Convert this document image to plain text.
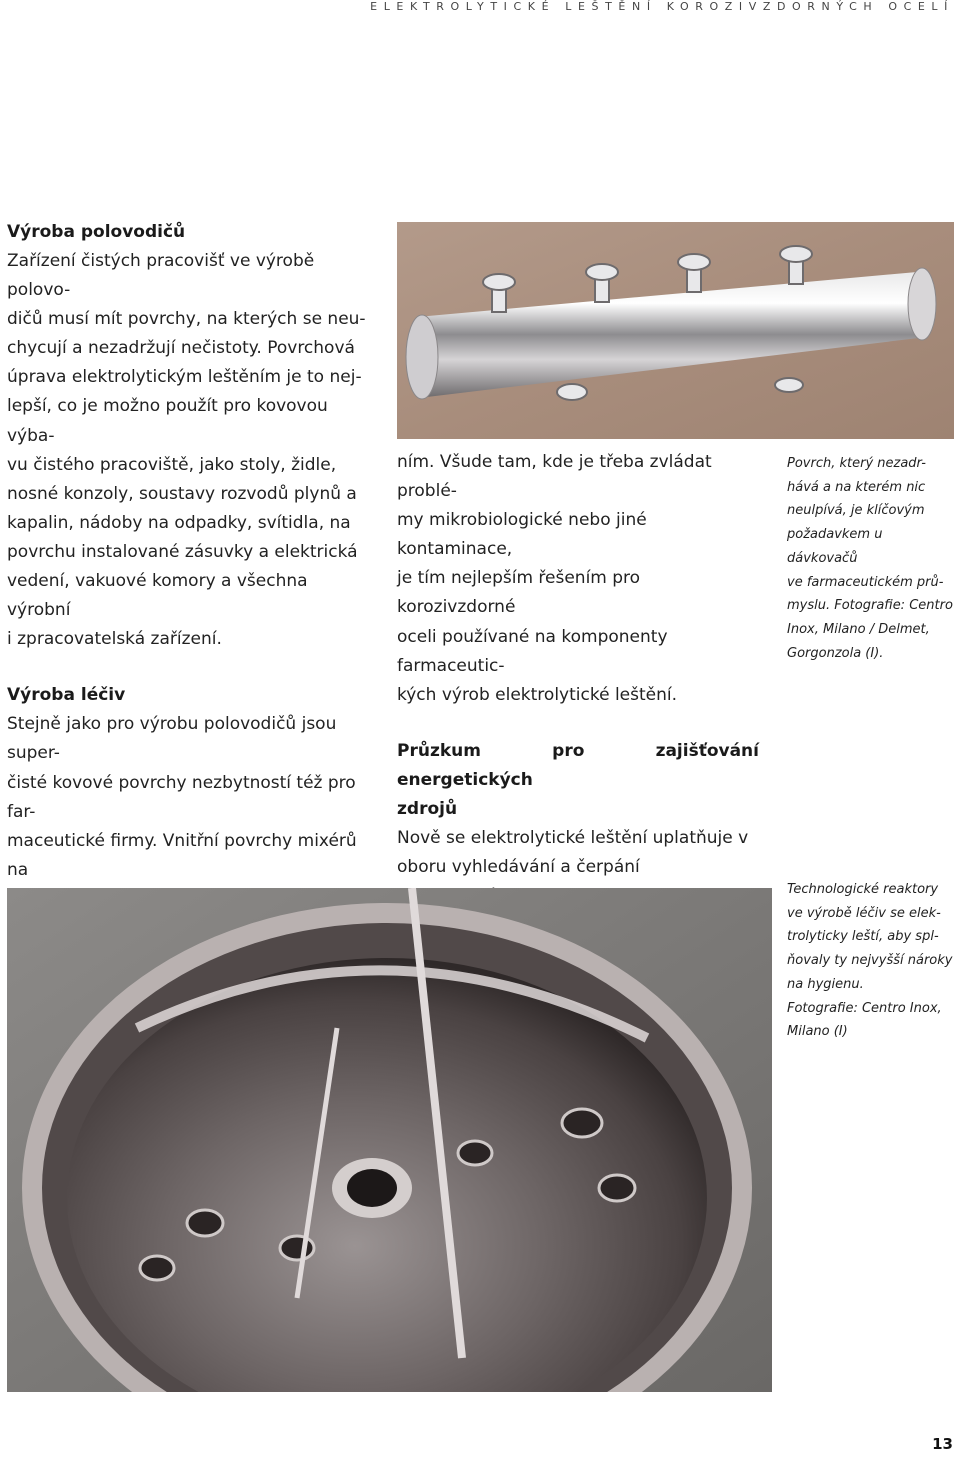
ELEKTROLYTICKÉ LEŠTĚNÍ KOROZIVZDORNÝCH OCELÍ

Výroba polovodičů

Zařízení čistých pracovišť ve výrobě polovo-
dičů musí mít povrchy, na kterých se neu-
chycují a nezadržují nečistoty. Povrchová
úprava elektrolytickým leštěním je to nej-
lepší, co je možno použít pro kovovou výba-
vu čistého pracoviště, jako stoly, židle,
nosné konzoly, soustavy rozvodů plynů a
kapalin, nádoby na odpadky, svítidla, na
povrchu instalované zásuvky a elektrická
vedení, vakuové komory a všechna výrobní
i zpracovatelská zařízení.

Výroba léčiv

Stejně jako pro výrobu polovodičů jsou super-
čisté kovové povrchy nezbytností též pro far-
maceutické firmy. Vnitřní povrchy mixérů na
ním. Všude tam, kde je třeba zvládat problé-
my mikrobiologické nebo jiné kontaminace,
je tím nejlepším řešením pro korozivzdorné
oceli používané na komponenty farmaceutic-
kých výrob elektrolytické leštění.
Průzkum pro zajišťování energetických
zdrojů
Nově se elektrolytické leštění uplatňuje v
oboru vyhledávání a čerpání
Povrch, který nezadr-
hává a na kterém nic
neulpívá, je klíčovým
požadavkem u dávkovačů
ve farmaceutickém prů-
myslu. Fotografie: Centro
Inox, Milano / Delmet,
Gorgonzola (I).
Technologické reaktory
ve výrobě léčiv se elek-
trolyticky leští, aby spl-
ňovaly ty nejvyšší nároky
na hygienu.
Fotografie: Centro Inox,
Milano (I)
13
